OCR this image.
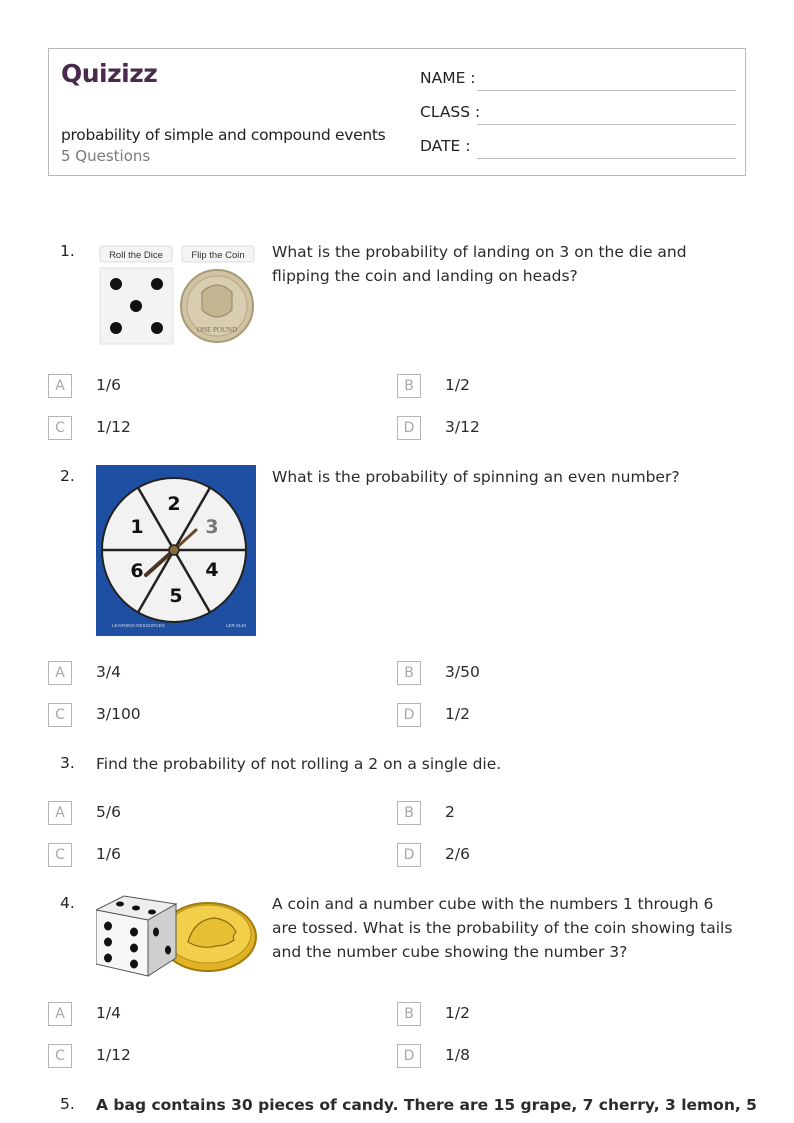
Quizizz
probability of simple and compound events
5 Questions
NAME :
CLASS :
DATE :
1.	Roll the Dice	Flip the Coin
ONE POUND
What is the probability of landing on 3 on the die and flipping the coin and landing on heads?
A	1/6	B	1/2
C	1/12	D	3/12
2.
2
3
4
5
6
1
LEARNING RESOURCES	LER 0146
What is the probability of spinning an even number?
A	3/4	B	3/50
C	3/100	D	1/2
3. Find the probability of not rolling a 2 on a single die.
A	5/6	B	2
C	1/6	D	2/6
4.	A coin and a number cube with the numbers 1 through 6 are tossed. What is the probability of the coin showing tails and the number cube showing the number 3?
A	1/4	B	1/2
C	1/12	D	1/8
5. A bag contains 30 pieces of candy. There are 15 grape, 7 cherry, 3 lemon, 5
